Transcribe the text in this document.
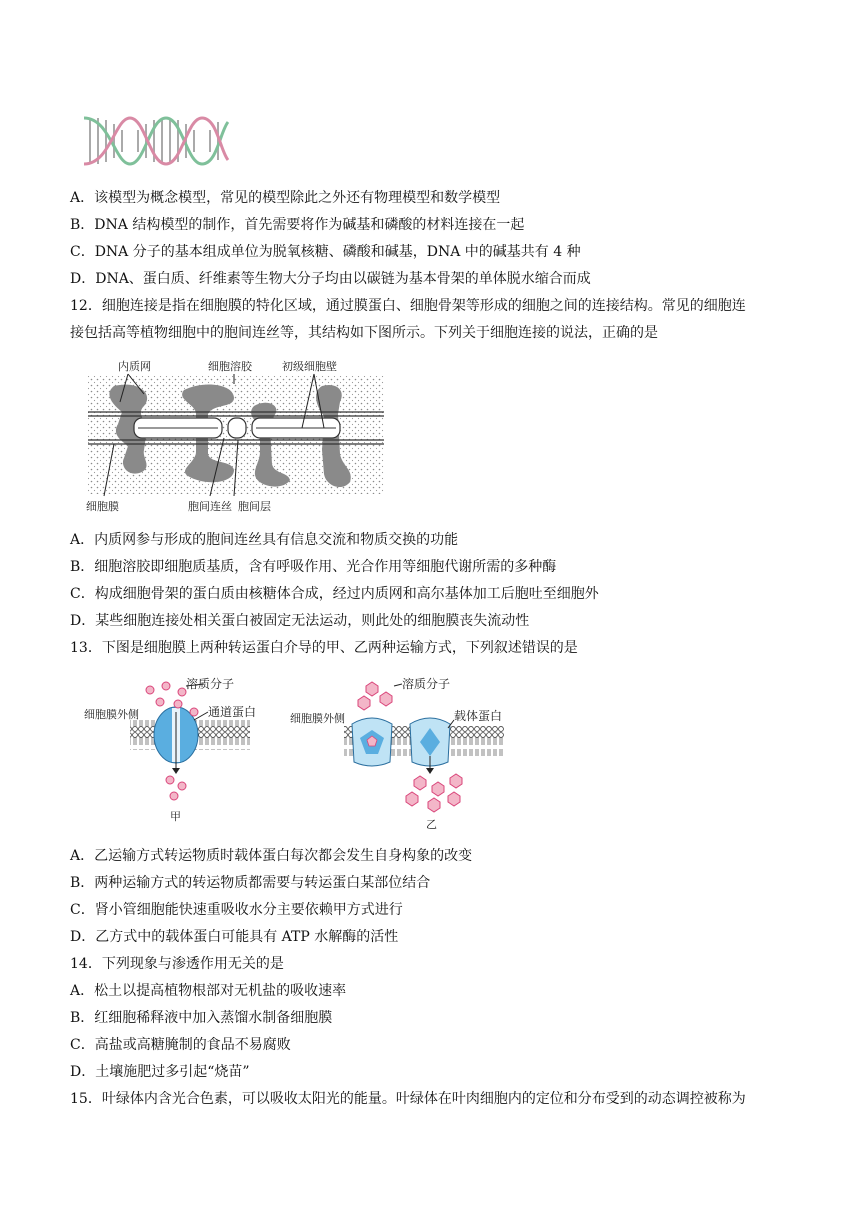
A．该模型为概念模型，常见的模型除此之外还有物理模型和数学模型
B．DNA 结构模型的制作，首先需要将作为碱基和磷酸的材料连接在一起
C．DNA 分子的基本组成单位为脱氧核糖、磷酸和碱基，DNA 中的碱基共有 4 种
D．DNA、蛋白质、纤维素等生物大分子均由以碳链为基本骨架的单体脱水缩合而成
12．细胞连接是指在细胞膜的特化区域，通过膜蛋白、细胞骨架等形成的细胞之间的连接结构。常见的细胞连
接包括高等植物细胞中的胞间连丝等，其结构如下图所示。下列关于细胞连接的说法，正确的是
内质网	细胞溶胶	初级细胞壁
细胞膜	胞间连丝 胞间层
A．内质网参与形成的胞间连丝具有信息交流和物质交换的功能
B．细胞溶胶即细胞质基质，含有呼吸作用、光合作用等细胞代谢所需的多种酶
C．构成细胞骨架的蛋白质由核糖体合成，经过内质网和高尔基体加工后胞吐至细胞外
D．某些细胞连接处相关蛋白被固定无法运动，则此处的细胞膜丧失流动性
13．下图是细胞膜上两种转运蛋白介导的甲、乙两种运输方式，下列叙述错误的是
溶质分子
细胞膜外侧	通道蛋白
甲
溶质分子
细胞膜外侧	载体蛋白
乙
A．乙运输方式转运物质时载体蛋白每次都会发生自身构象的改变
B．两种运输方式的转运物质都需要与转运蛋白某部位结合
C．肾小管细胞能快速重吸收水分主要依赖甲方式进行
D．乙方式中的载体蛋白可能具有 ATP 水解酶的活性
14．下列现象与渗透作用无关的是
A．松土以提高植物根部对无机盐的吸收速率
B．红细胞稀释液中加入蒸馏水制备细胞膜
C．高盐或高糖腌制的食品不易腐败
D．土壤施肥过多引起“烧苗”
15．叶绿体内含光合色素，可以吸收太阳光的能量。叶绿体在叶肉细胞内的定位和分布受到的动态调控被称为
